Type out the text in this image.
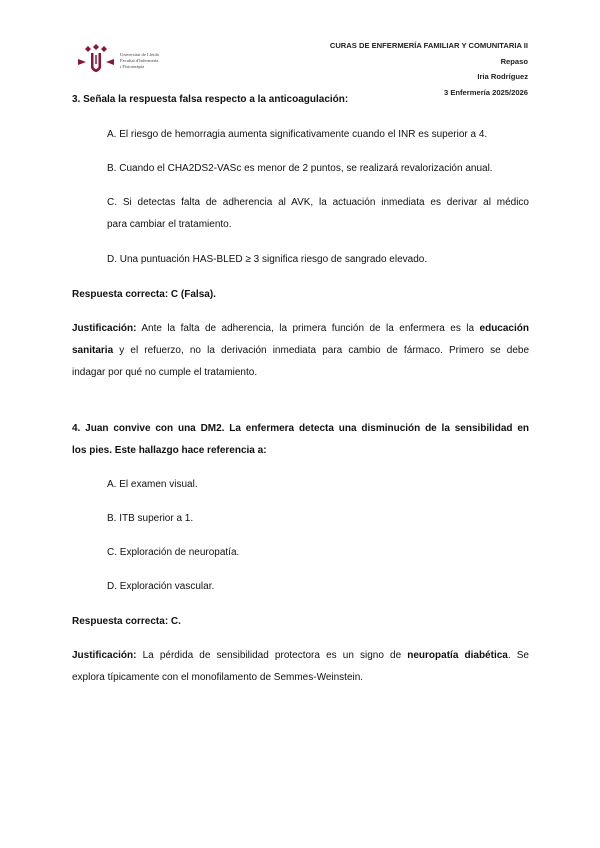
Universitat de Lleida
Facultat d'Infermeria
i Fisioteràpia
CURAS DE ENFERMERÍA FAMILIAR Y COMUNITARIA II
Repaso
Iria Rodríguez
3 Enfermería 2025/2026
3. Señala la respuesta falsa respecto a la anticoagulación:
A. El riesgo de hemorragia aumenta significativamente cuando el INR es superior a 4.
B. Cuando el CHA2DS2-VASc es menor de 2 puntos, se realizará revalorización anual.
C. Si detectas falta de adherencia al AVK, la actuación inmediata es derivar al médico
para cambiar el tratamiento.
D. Una puntuación HAS-BLED ≥ 3 significa riesgo de sangrado elevado.
Respuesta correcta: C (Falsa).
Justificación: Ante la falta de adherencia, la primera función de la enfermera es la educación
sanitaria y el refuerzo, no la derivación inmediata para cambio de fármaco. Primero se debe
indagar por qué no cumple el tratamiento.
4. Juan convive con una DM2. La enfermera detecta una disminución de la sensibilidad en
los pies. Este hallazgo hace referencia a:
A. El examen visual.
B. ITB superior a 1.
C. Exploración de neuropatía.
D. Exploración vascular.
Respuesta correcta: C.
Justificación: La pérdida de sensibilidad protectora es un signo de neuropatía diabética. Se
explora típicamente con el monofilamento de Semmes-Weinstein.
